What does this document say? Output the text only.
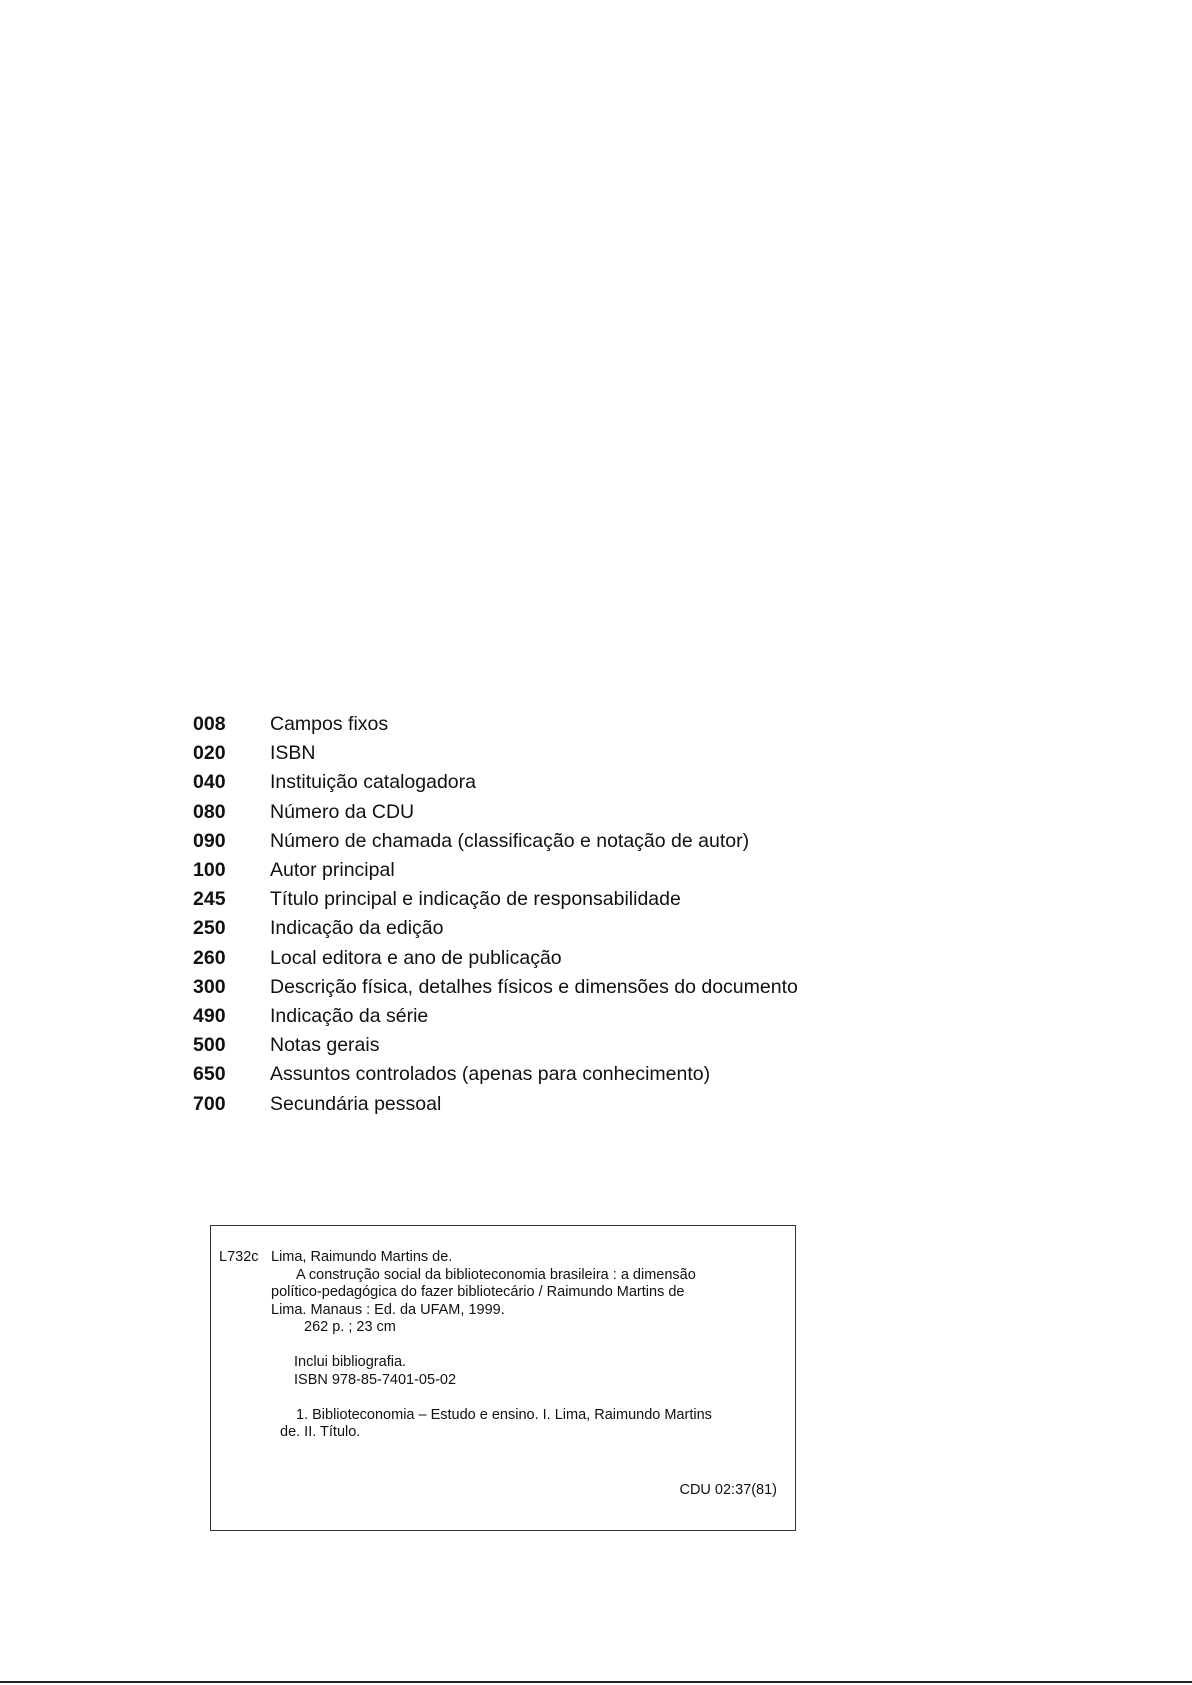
008	Campos fixos
020	ISBN
040	Instituição catalogadora
080	Número da CDU
090	Número de chamada (classificação e notação de autor)
100	Autor principal
245	Título principal e indicação de responsabilidade
250	Indicação da edição
260	Local editora e ano de publicação
300	Descrição física, detalhes físicos e dimensões do documento
490	Indicação da série
500	Notas gerais
650	Assuntos controlados (apenas para conhecimento)
700	Secundária pessoal
L732c Lima, Raimundo Martins de.
A construção social da biblioteconomia brasileira : a dimensão
político-pedagógica do fazer bibliotecário / Raimundo Martins de
Lima. Manaus : Ed. da UFAM, 1999.
262 p. ; 23 cm
Inclui bibliografia.
ISBN 978-85-7401-05-02
1. Biblioteconomia – Estudo e ensino. I. Lima, Raimundo Martins
de. II. Título.
CDU 02:37(81)
